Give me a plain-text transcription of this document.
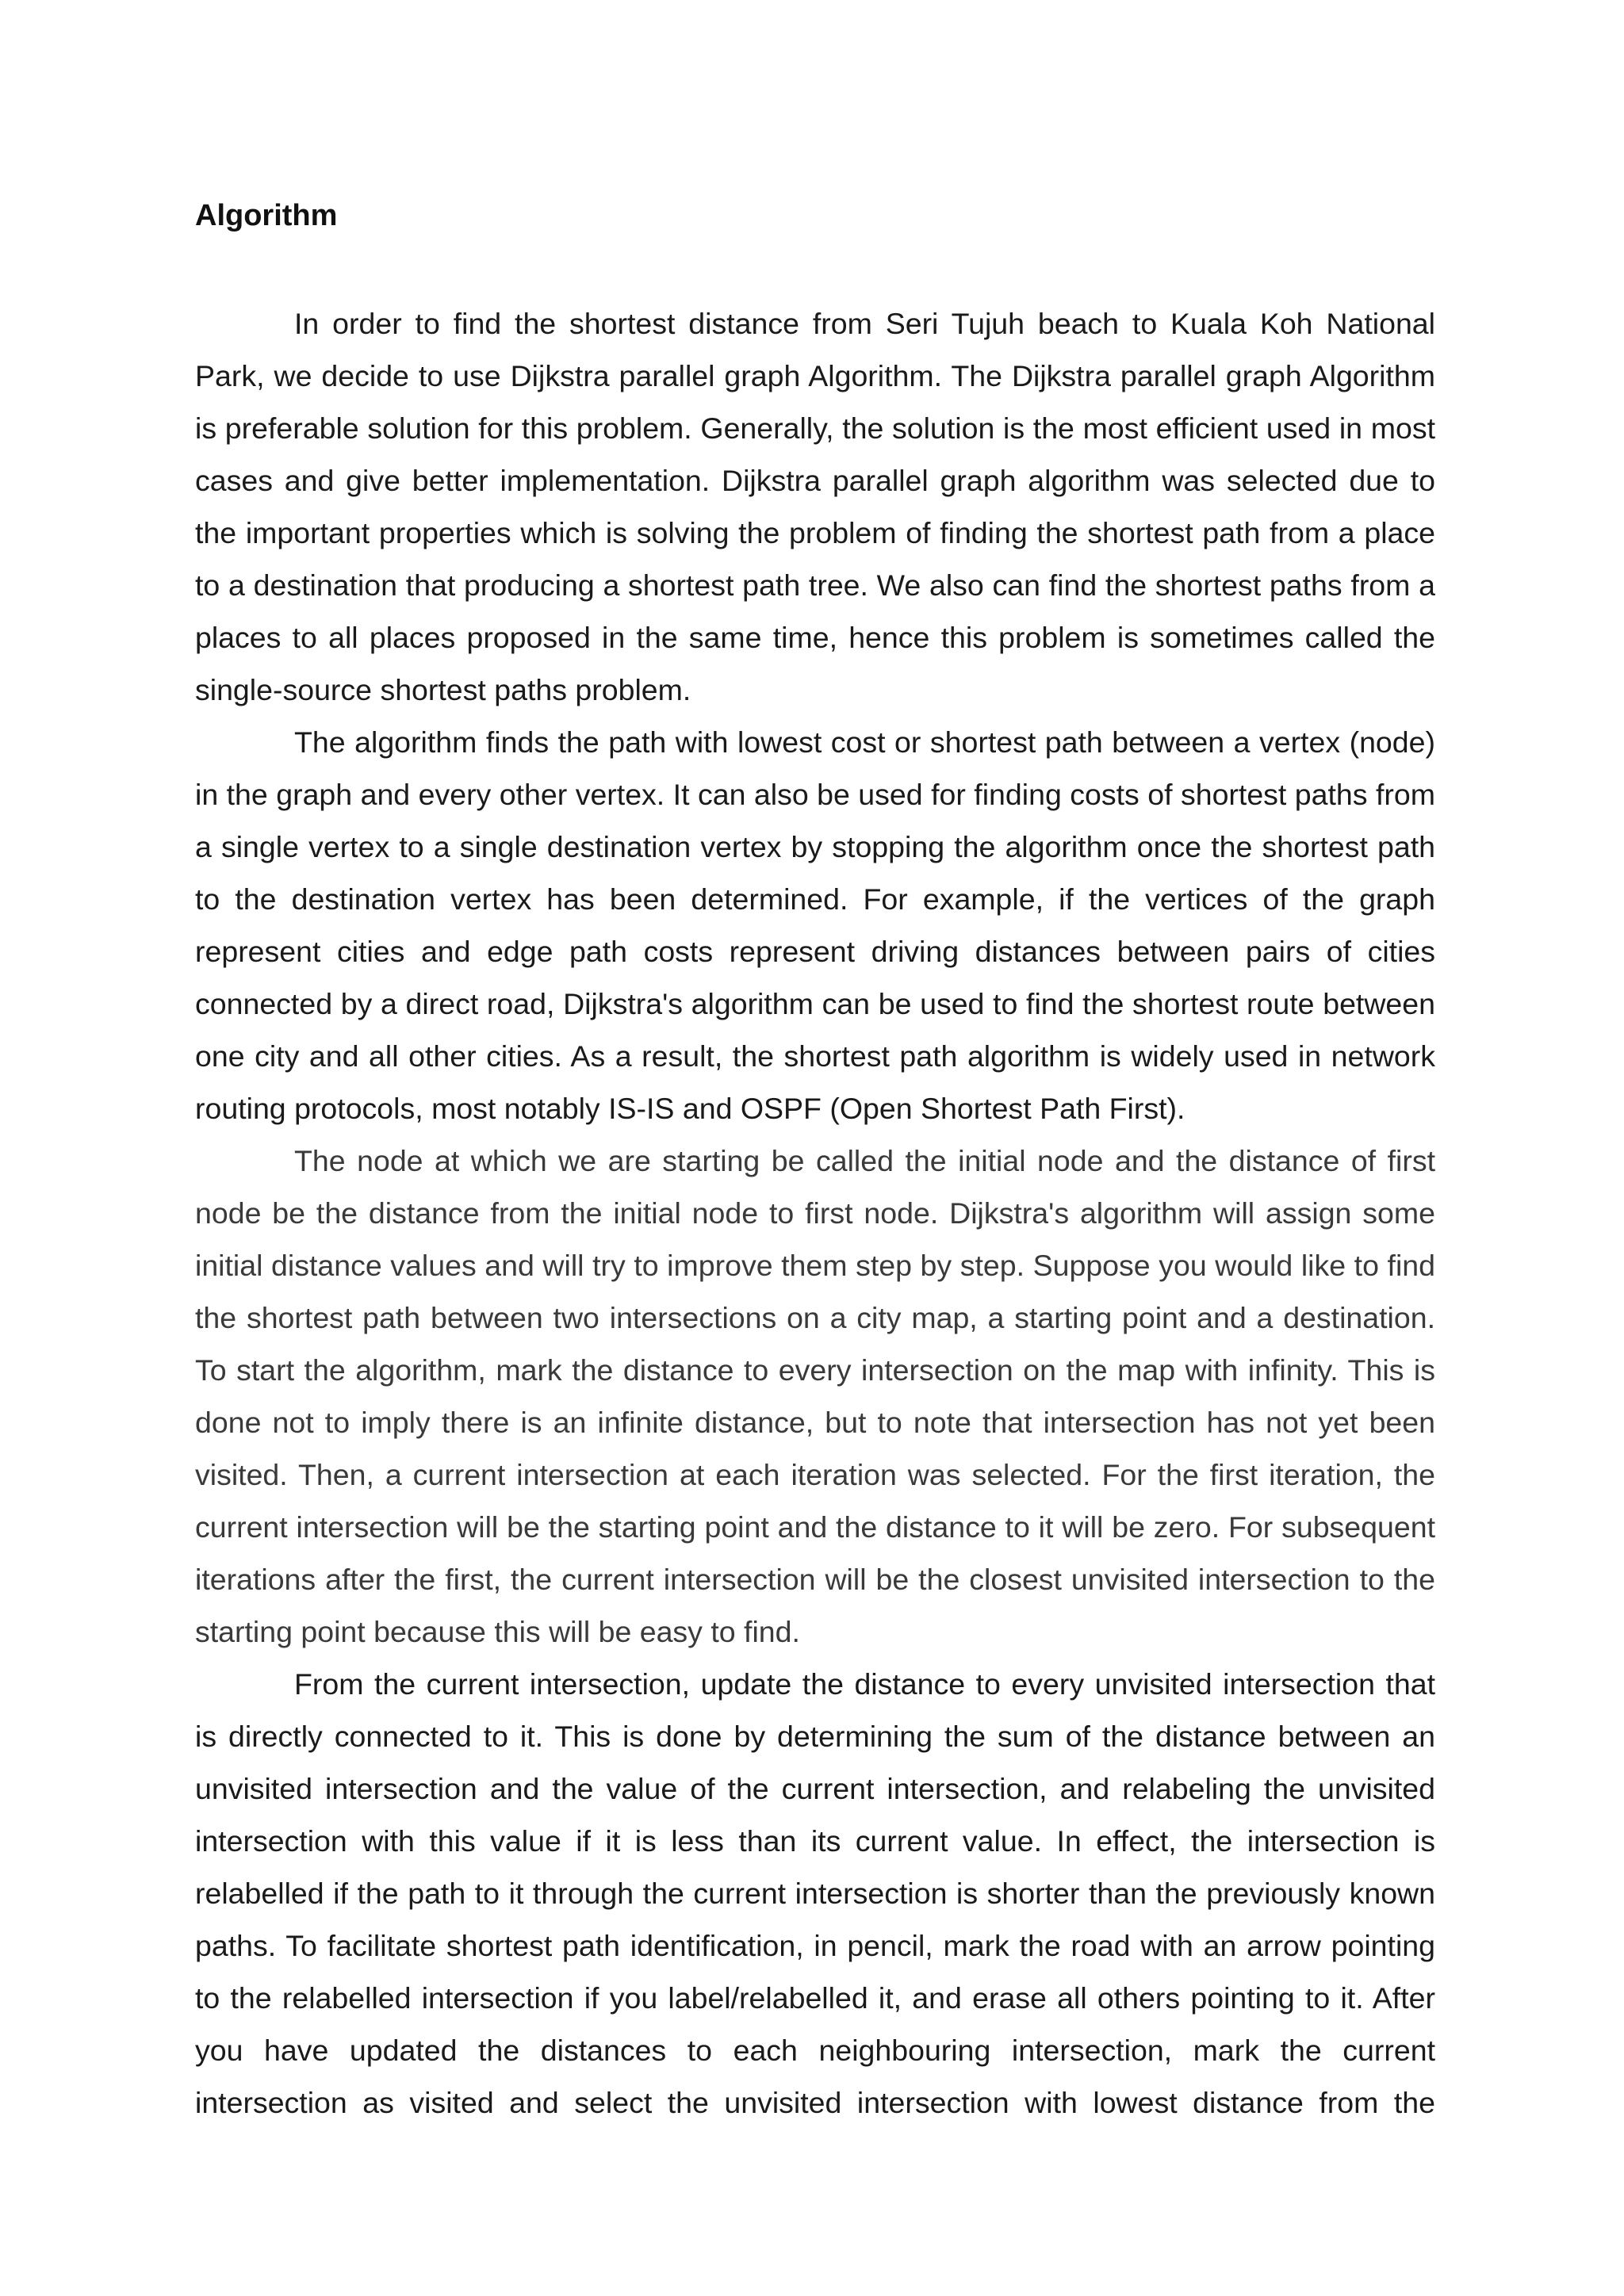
Algorithm

In order to find the shortest distance from Seri Tujuh beach to Kuala Koh National Park, we decide to use Dijkstra parallel graph Algorithm. The Dijkstra parallel graph Algorithm is preferable solution for this problem. Generally, the solution is the most efficient used in most cases and give better implementation. Dijkstra parallel graph algorithm was selected due to the important properties which is solving the problem of finding the shortest path from a place to a destination that producing a shortest path tree. We also can find the shortest paths from a places to all places proposed in the same time, hence this problem is sometimes called the single-source shortest paths problem.

The algorithm finds the path with lowest cost or shortest path between a vertex (node) in the graph and every other vertex. It can also be used for finding costs of shortest paths from a single vertex to a single destination vertex by stopping the algorithm once the shortest path to the destination vertex has been determined. For example, if the vertices of the graph represent cities and edge path costs represent driving distances between pairs of cities connected by a direct road, Dijkstra's algorithm can be used to find the shortest route between one city and all other cities. As a result, the shortest path algorithm is widely used in network routing protocols, most notably IS-IS and OSPF (Open Shortest Path First).

The node at which we are starting be called the initial node and the distance of first node be the distance from the initial node to first node. Dijkstra's algorithm will assign some initial distance values and will try to improve them step by step. Suppose you would like to find the shortest path between two intersections on a city map, a starting point and a destination. To start the algorithm, mark the distance to every intersection on the map with infinity. This is done not to imply there is an infinite distance, but to note that intersection has not yet been visited. Then, a current intersection at each iteration was selected. For the first iteration, the current intersection will be the starting point and the distance to it will be zero. For subsequent iterations after the first, the current intersection will be the closest unvisited intersection to the starting point because this will be easy to find.

From the current intersection, update the distance to every unvisited intersection that is directly connected to it. This is done by determining the sum of the distance between an unvisited intersection and the value of the current intersection, and relabeling the unvisited intersection with this value if it is less than its current value. In effect, the intersection is relabelled if the path to it through the current intersection is shorter than the previously known paths. To facilitate shortest path identification, in pencil, mark the road with an arrow pointing to the relabelled intersection if you label/relabelled it, and erase all others pointing to it. After you have updated the distances to each neighbouring intersection, mark the current intersection as visited and select the unvisited intersection with lowest distance from the
